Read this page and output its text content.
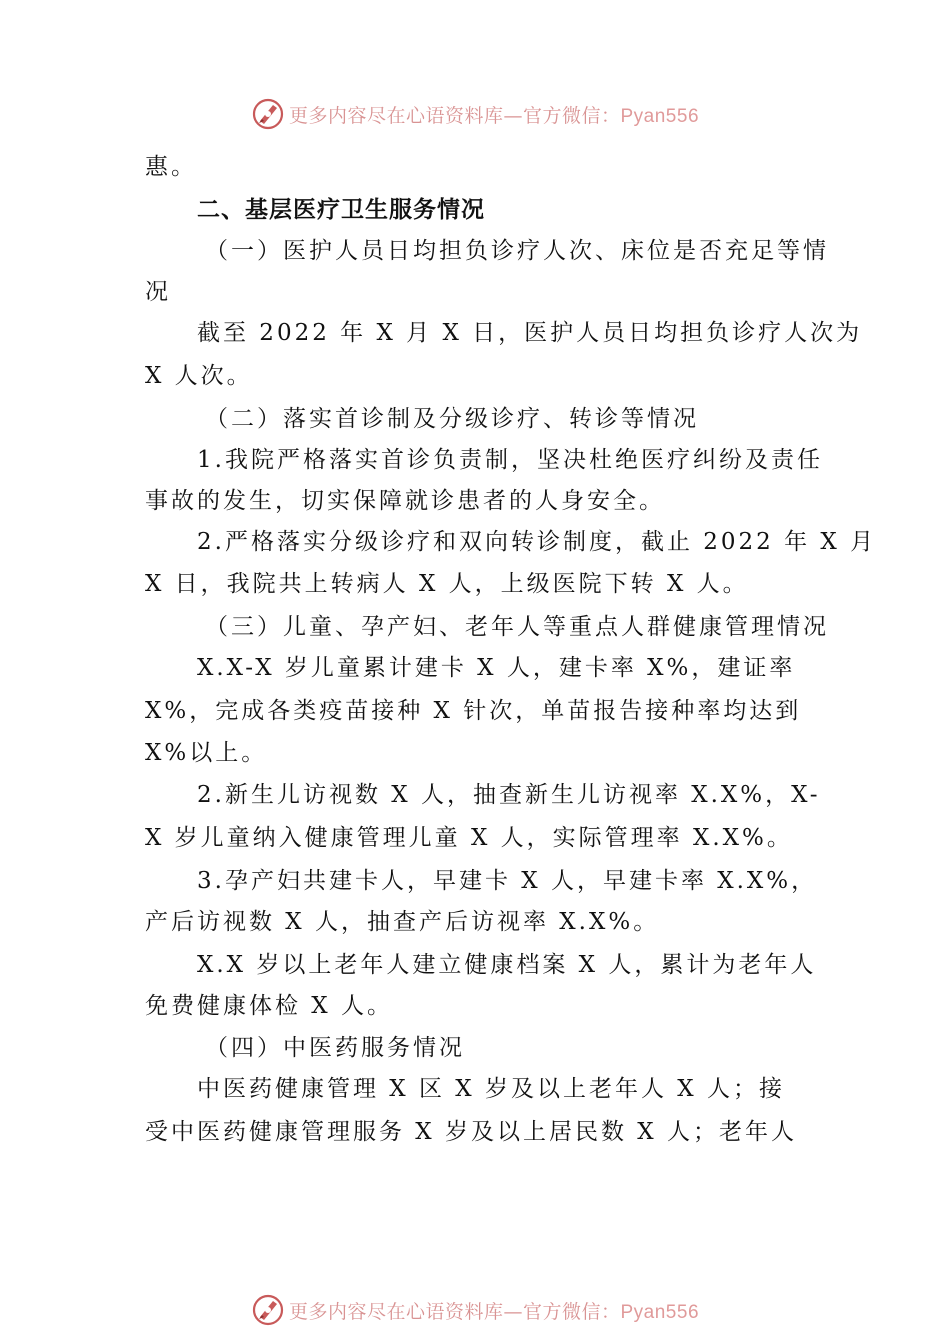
更多内容尽在心语资料库—官方微信：Pyan556
惠。
二、基层医疗卫生服务情况
（一）医护人员日均担负诊疗人次、床位是否充足等情
况
截至 2022 年 X 月 X 日，医护人员日均担负诊疗人次为
X 人次。
（二）落实首诊制及分级诊疗、转诊等情况
1.我院严格落实首诊负责制，坚决杜绝医疗纠纷及责任
事故的发生，切实保障就诊患者的人身安全。
2.严格落实分级诊疗和双向转诊制度，截止 2022 年 X 月
X 日，我院共上转病人 X 人，上级医院下转 X 人。
（三）儿童、孕产妇、老年人等重点人群健康管理情况
X.X-X 岁儿童累计建卡 X 人，建卡率 X%，建证率
X%，完成各类疫苗接种 X 针次，单苗报告接种率均达到
X%以上。
2.新生儿访视数 X 人，抽查新生儿访视率 X.X%，X-
X 岁儿童纳入健康管理儿童 X 人，实际管理率 X.X%。
3.孕产妇共建卡人，早建卡 X 人，早建卡率 X.X%，
产后访视数 X 人，抽查产后访视率 X.X%。
X.X 岁以上老年人建立健康档案 X 人，累计为老年人
免费健康体检 X 人。
（四）中医药服务情况
中医药健康管理 X 区 X 岁及以上老年人 X 人；接
受中医药健康管理服务 X 岁及以上居民数 X 人；老年人
更多内容尽在心语资料库—官方微信：Pyan556
